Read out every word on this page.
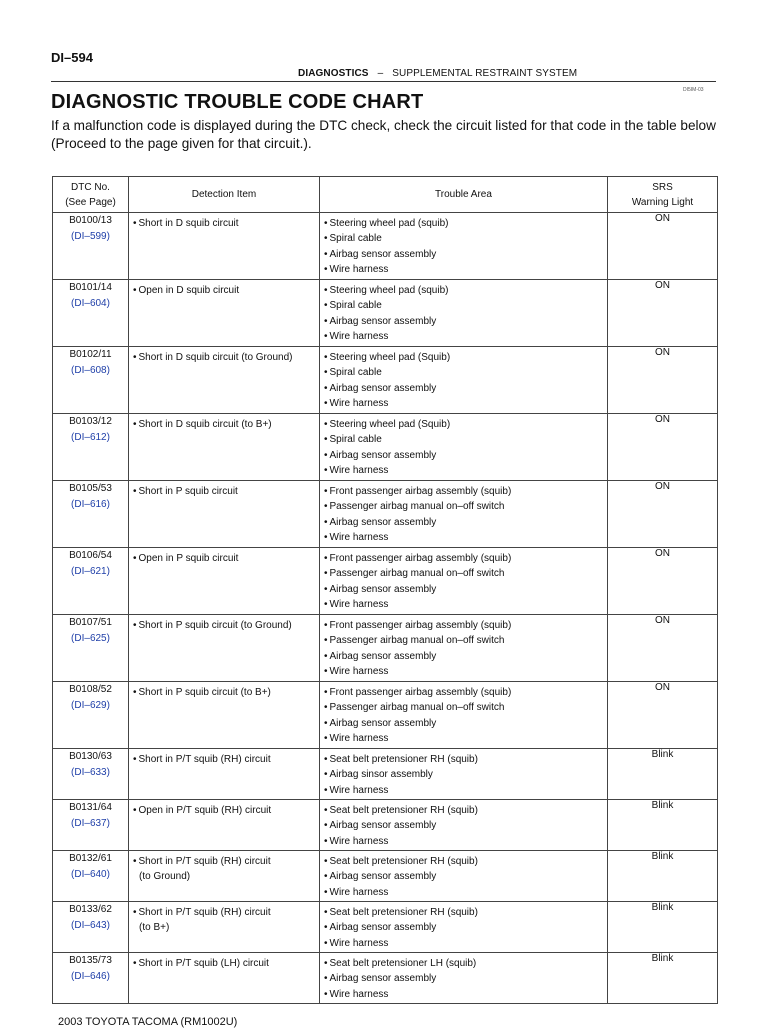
DI–594
DIAGNOSTICS – SUPPLEMENTAL RESTRAINT SYSTEM
DI5IM-03
DIAGNOSTIC TROUBLE CODE CHART
If a malfunction code is displayed during the DTC check, check the circuit listed for that code in the table below (Proceed to the page given for that circuit.).
DTC No.
(See Page)	Detection Item	Trouble Area	SRS
Warning Light

B0100/13
(DI–599)	• Short in D squib circuit	• Steering wheel pad (squib)
• Spiral cable
• Airbag sensor assembly
• Wire harness	ON

B0101/14
(DI–604)	• Open in D squib circuit	• Steering wheel pad (squib)
• Spiral cable
• Airbag sensor assembly
• Wire harness	ON

B0102/11
(DI–608)	• Short in D squib circuit (to Ground)	• Steering wheel pad (Squib)
• Spiral cable
• Airbag sensor assembly
• Wire harness	ON

B0103/12
(DI–612)	• Short in D squib circuit (to B+)	• Steering wheel pad (Squib)
• Spiral cable
• Airbag sensor assembly
• Wire harness	ON

B0105/53
(DI–616)	• Short in P squib circuit	• Front passenger airbag assembly (squib)
• Passenger airbag manual on–off switch
• Airbag sensor assembly
• Wire harness	ON

B0106/54
(DI–621)	• Open in P squib circuit	• Front passenger airbag assembly (squib)
• Passenger airbag manual on–off switch
• Airbag sensor assembly
• Wire harness	ON

B0107/51
(DI–625)	• Short in P squib circuit (to Ground)	• Front passenger airbag assembly (squib)
• Passenger airbag manual on–off switch
• Airbag sensor assembly
• Wire harness	ON

B0108/52
(DI–629)	• Short in P squib circuit (to B+)	• Front passenger airbag assembly (squib)
• Passenger airbag manual on–off switch
• Airbag sensor assembly
• Wire harness	ON

B0130/63
(DI–633)	• Short in P/T squib (RH) circuit	• Seat belt pretensioner RH (squib)
• Airbag sinsor assembly
• Wire harness	Blink

B0131/64
(DI–637)	• Open in P/T squib (RH) circuit	• Seat belt pretensioner RH (squib)
• Airbag sensor assembly
• Wire harness	Blink

B0132/61
(DI–640)	• Short in P/T squib (RH) circuit
(to Ground)	• Seat belt pretensioner RH (squib)
• Airbag sensor assembly
• Wire harness	Blink

B0133/62
(DI–643)	• Short in P/T squib (RH) circuit
(to B+)	• Seat belt pretensioner RH (squib)
• Airbag sensor assembly
• Wire harness	Blink

B0135/73
(DI–646)	• Short in P/T squib (LH) circuit	• Seat belt pretensioner LH (squib)
• Airbag sensor assembly
• Wire harness	Blink
2003 TOYOTA TACOMA (RM1002U)
